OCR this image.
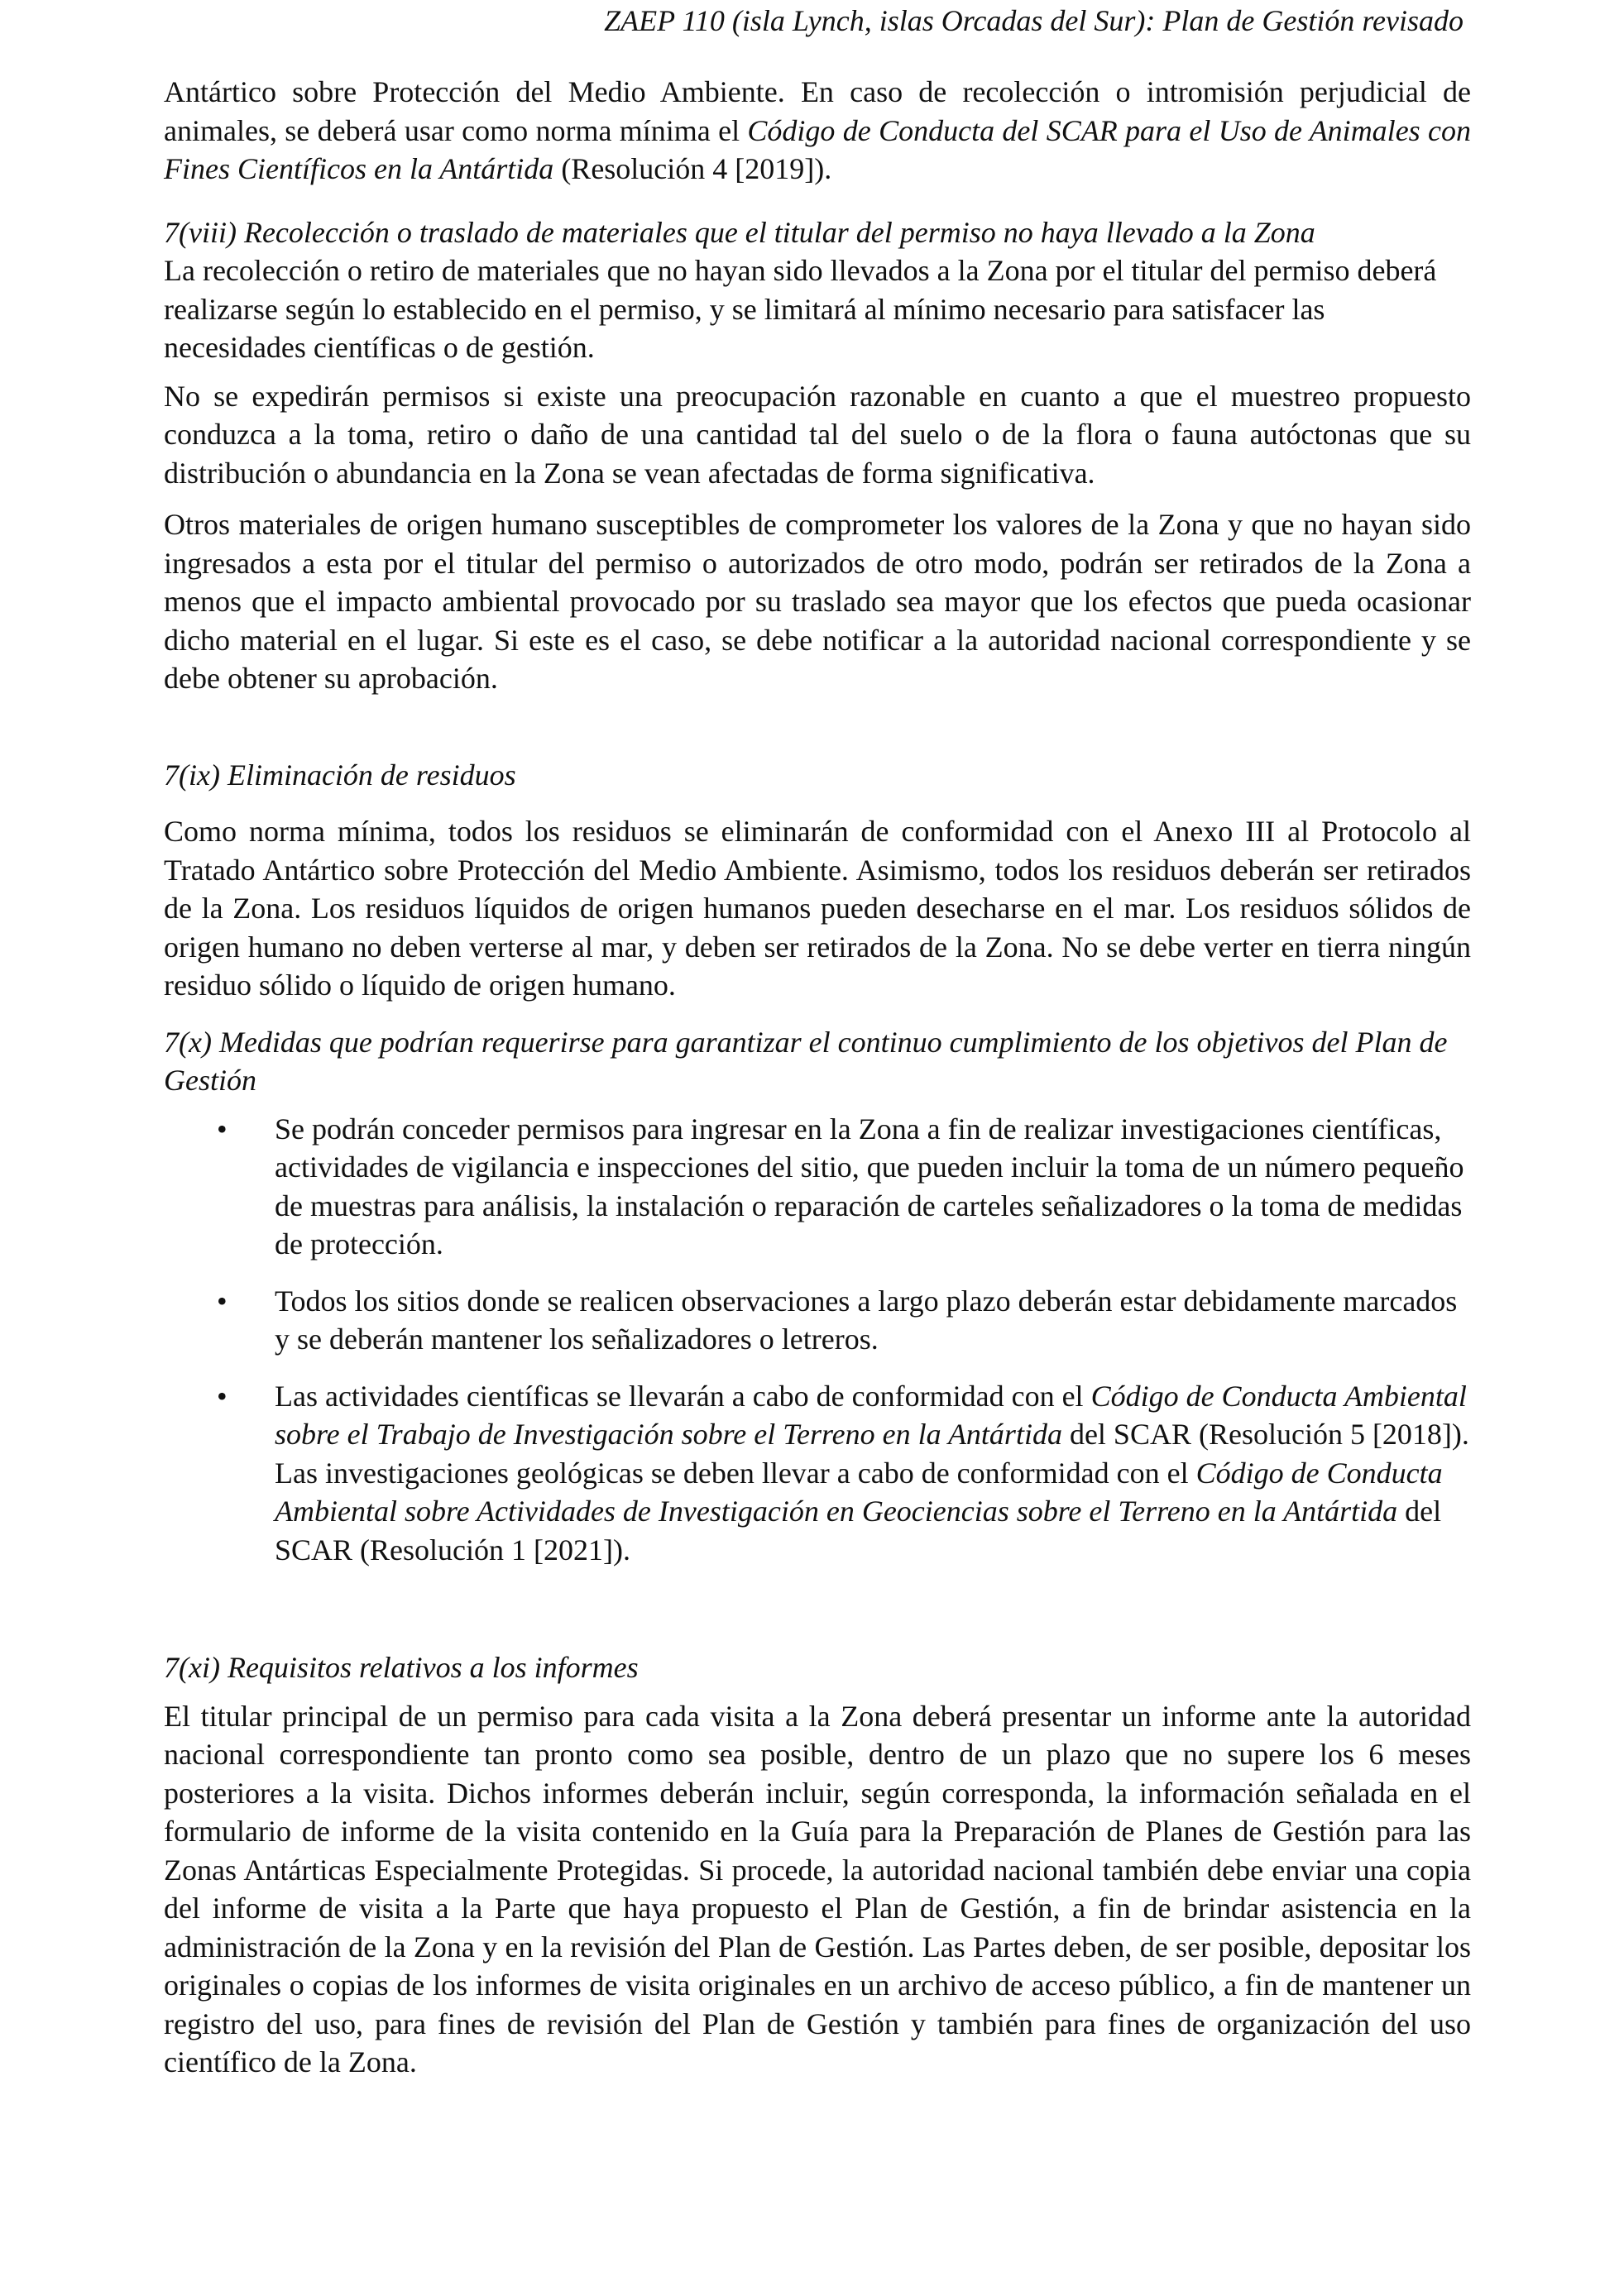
ZAEP 110 (isla Lynch, islas Orcadas del Sur): Plan de Gestión revisado

Antártico sobre Protección del Medio Ambiente. En caso de recolección o intromisión perjudicial de animales, se deberá usar como norma mínima el Código de Conducta del SCAR para el Uso de Animales con Fines Científicos en la Antártida (Resolución 4 [2019]).

7(viii) Recolección o traslado de materiales que el titular del permiso no haya llevado a la Zona

La recolección o retiro de materiales que no hayan sido llevados a la Zona por el titular del permiso deberá realizarse según lo establecido en el permiso, y se limitará al mínimo necesario para satisfacer las necesidades científicas o de gestión.

No se expedirán permisos si existe una preocupación razonable en cuanto a que el muestreo propuesto conduzca a la toma, retiro o daño de una cantidad tal del suelo o de la flora o fauna autóctonas que su distribución o abundancia en la Zona se vean afectadas de forma significativa.

Otros materiales de origen humano susceptibles de comprometer los valores de la Zona y que no hayan sido ingresados a esta por el titular del permiso o autorizados de otro modo, podrán ser retirados de la Zona a menos que el impacto ambiental provocado por su traslado sea mayor que los efectos que pueda ocasionar dicho material en el lugar. Si este es el caso, se debe notificar a la autoridad nacional correspondiente y se debe obtener su aprobación.

7(ix) Eliminación de residuos

Como norma mínima, todos los residuos se eliminarán de conformidad con el Anexo III al Protocolo al Tratado Antártico sobre Protección del Medio Ambiente. Asimismo, todos los residuos deberán ser retirados de la Zona. Los residuos líquidos de origen humanos pueden desecharse en el mar. Los residuos sólidos de origen humano no deben verterse al mar, y deben ser retirados de la Zona. No se debe verter en tierra ningún residuo sólido o líquido de origen humano.

7(x) Medidas que podrían requerirse para garantizar el continuo cumplimiento de los objetivos del Plan de Gestión
• Se podrán conceder permisos para ingresar en la Zona a fin de realizar investigaciones científicas, actividades de vigilancia e inspecciones del sitio, que pueden incluir la toma de un número pequeño de muestras para análisis, la instalación o reparación de carteles señalizadores o la toma de medidas de protección.
• Todos los sitios donde se realicen observaciones a largo plazo deberán estar debidamente marcados y se deberán mantener los señalizadores o letreros.
• Las actividades científicas se llevarán a cabo de conformidad con el Código de Conducta Ambiental sobre el Trabajo de Investigación sobre el Terreno en la Antártida del SCAR (Resolución 5 [2018]). Las investigaciones geológicas se deben llevar a cabo de conformidad con el Código de Conducta Ambiental sobre Actividades de Investigación en Geociencias sobre el Terreno en la Antártida del SCAR (Resolución 1 [2021]).
7(xi) Requisitos relativos a los informes

El titular principal de un permiso para cada visita a la Zona deberá presentar un informe ante la autoridad nacional correspondiente tan pronto como sea posible, dentro de un plazo que no supere los 6 meses posteriores a la visita. Dichos informes deberán incluir, según corresponda, la información señalada en el formulario de informe de la visita contenido en la Guía para la Preparación de Planes de Gestión para las Zonas Antárticas Especialmente Protegidas. Si procede, la autoridad nacional también debe enviar una copia del informe de visita a la Parte que haya propuesto el Plan de Gestión, a fin de brindar asistencia en la administración de la Zona y en la revisión del Plan de Gestión. Las Partes deben, de ser posible, depositar los originales o copias de los informes de visita originales en un archivo de acceso público, a fin de mantener un registro del uso, para fines de revisión del Plan de Gestión y también para fines de organización del uso científico de la Zona.
